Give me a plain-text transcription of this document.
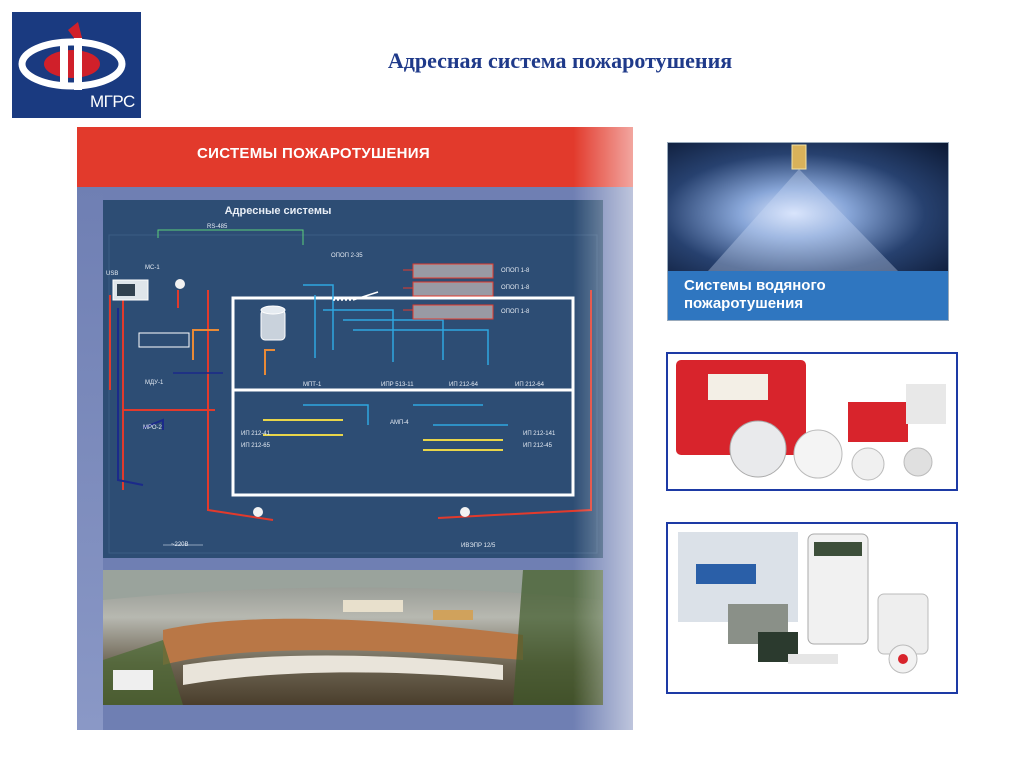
МГРС
Адресная система пожаротушения
СИСТЕМЫ ПОЖАРОТУШЕНИЯ
Адресные системы
RS-485
МС-1
USB
ОПОП 2-35
ОПОП 1-8
ОПОП 1-8
ОПОП 1-8
МДУ-1	МПТ-1	ИПР 513-11	ИП 212-64	ИП 212-64
МРО-2
АМП-4
ИП 212-41
ИП 212-65
ИП 212-141
ИП 212-45
~220В	ИВЭПР 12/5
Системы водяного пожаротушения
